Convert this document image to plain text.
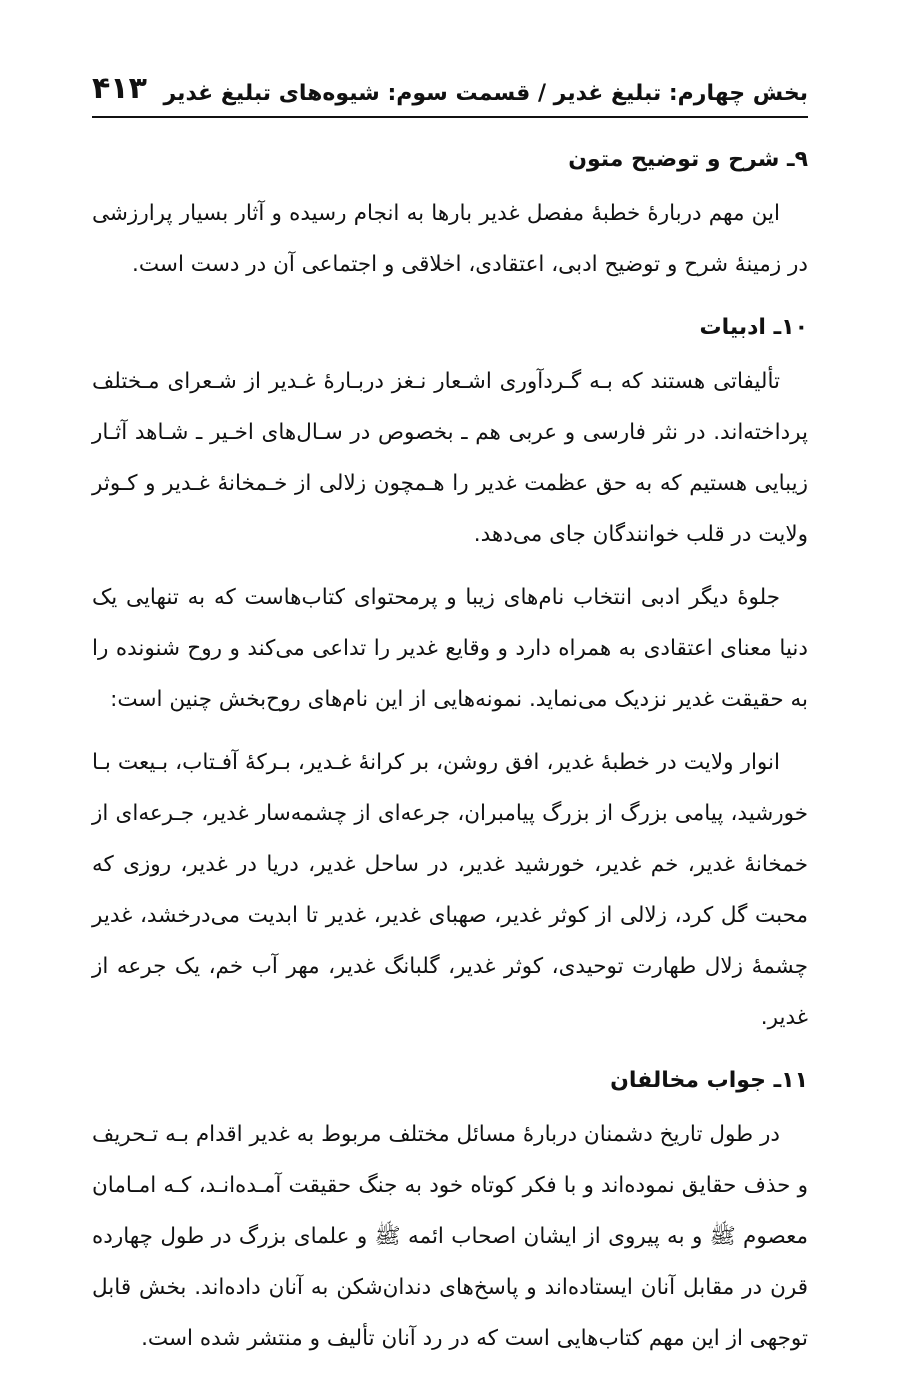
بخش چهارم: تبلیغ غدیر / قسمت سوم: شیوه‌های تبلیغ غدیر
۴۱۳
۹ـ شرح و توضیح متون

این مهم دربارۀ خطبۀ مفصل غدیر بارها به انجام رسیده و آثار بسیار پرارزشی در زمینۀ شرح و توضیح ادبی، اعتقادی، اخلاقی و اجتماعی آن در دست است.

۱۰ـ ادبیات

تألیفاتی هستند که بـه گـردآوری اشـعار نـغز دربـارۀ غـدیر از شـعرای مـختلف پرداخته‌اند. در نثر فارسی و عربی هم ـ بخصوص در سـال‌های اخـیر ـ شـاهد آثـار زیبایی هستیم که به حق عظمت غدیر را هـمچون زلالی از خـمخانۀ غـدیر و کـوثر ولایت در قلب خوانندگان جای می‌دهد.

جلوۀ دیگر ادبی انتخاب نام‌های زیبا و پرمحتوای کتاب‌هاست که به تنهایی یک دنیا معنای اعتقادی به همراه دارد و وقایع غدیر را تداعی می‌کند و روح شنونده را به حقیقت غدیر نزدیک می‌نماید. نمونه‌هایی از این نام‌های روح‌بخش چنین است:

انوار ولایت در خطبۀ غدیر، افق روشن، بر کرانۀ غـدیر، بـرکۀ آفـتاب، بـیعت بـا خورشید، پیامی بزرگ از بزرگ پیامبران، جرعه‌ای از چشمه‌سار غدیر، جـرعه‌ای از خمخانۀ غدیر، خم غدیر، خورشید غدیر، در ساحل غدیر، دریا در غدیر، روزی که محبت گل کرد، زلالی از کوثر غدیر، صهبای غدیر، غدیر تا ابدیت می‌درخشد، غدیر چشمۀ زلال طهارت توحیدی، کوثر غدیر، گلبانگ غدیر، مهر آب خم، یک جرعه از غدیر.

۱۱ـ جواب مخالفان

در طول تاریخ دشمنان دربارۀ مسائل مختلف مربوط به غدیر اقدام بـه تـحریف و حذف حقایق نموده‌اند و با فکر کوتاه خود به جنگ حقیقت آمـده‌انـد، کـه امـامان معصوم ﷺ و به پیروی از ایشان اصحاب ائمه ﷺ و علمای بزرگ در طول چهارده قرن در مقابل آنان ایستاده‌اند و پاسخ‌های دندان‌شکن به آنان داده‌اند. بخش قابل توجهی از این مهم کتاب‌هایی است که در رد آنان تألیف و منتشر شده است.
